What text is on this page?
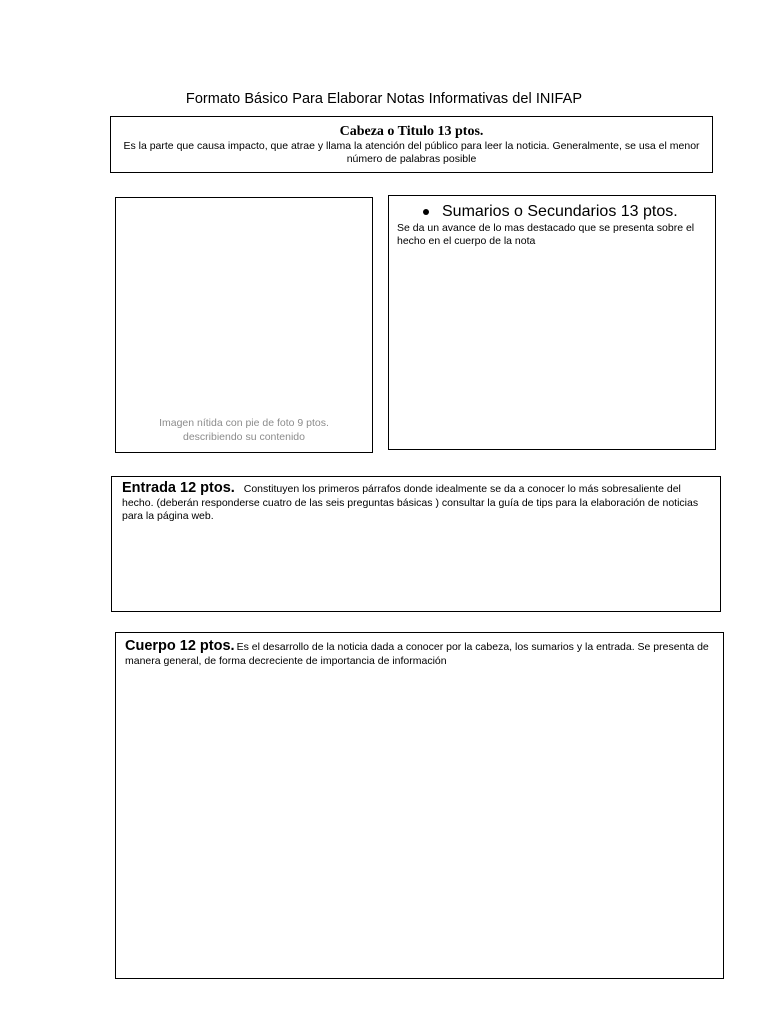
Formato Básico Para Elaborar Notas Informativas del INIFAP
Cabeza o Titulo 13 ptos.
Es la parte que causa impacto, que atrae y llama la atención del público para leer la noticia. Generalmente, se usa el menor número de palabras posible
Imagen nítida con pie de foto 9 ptos.
describiendo su contenido
Sumarios o Secundarios 13 ptos.
Se da un avance de lo mas destacado que se presenta sobre el hecho en el cuerpo de la nota

Entrada 12 ptos. Constituyen los primeros párrafos donde idealmente se da a conocer lo más sobresaliente del hecho. (deberán responderse cuatro de las seis preguntas básicas ) consultar la guía de tips para la elaboración de noticias para la página web.

Cuerpo 12 ptos. Es el desarrollo de la noticia dada a conocer por la cabeza, los sumarios y la entrada. Se presenta de manera general, de forma decreciente de importancia de información
